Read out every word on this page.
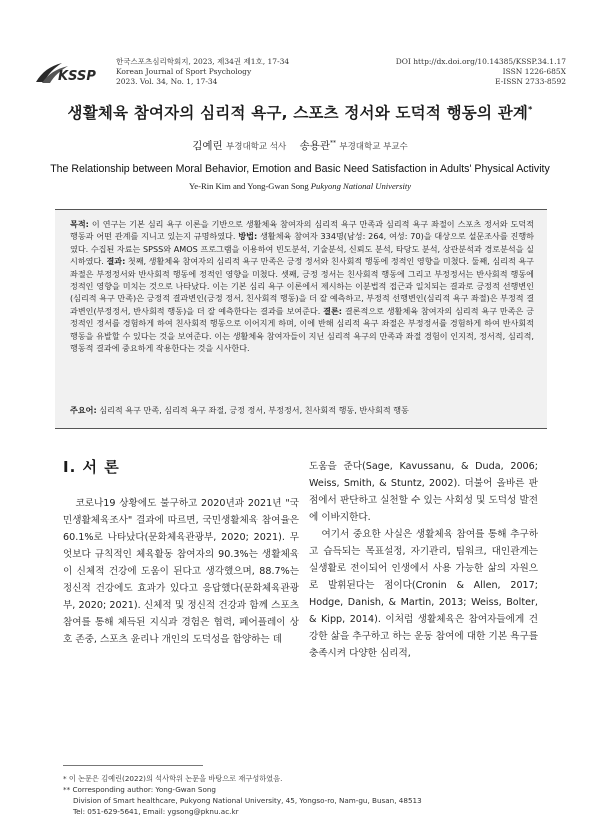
KSSP
한국스포츠심리학회지, 2023, 제34권 제1호, 17-34
Korean Journal of Sport Psychology
2023. Vol. 34, No. 1, 17-34
DOI http://dx.doi.org/10.14385/KSSP.34.1.17
ISSN 1226-685X
E-ISSN 2733-8592
생활체육 참여자의 심리적 욕구, 스포츠 정서와 도덕적 행동의 관계*
김예린 부경대학교 석사 송용관** 부경대학교 부교수
The Relationship between Moral Behavior, Emotion and Basic Need Satisfaction in Adults' Physical Activity
Ye-Rin Kim and Yong-Gwan Song Pukyong National University
목적: 이 연구는 기본 심리 욕구 이론을 기반으로 생활체육 참여자의 심리적 욕구 만족과 심리적 욕구 좌절이 스포츠 정서와 도덕적 행동과 어떤 관계를 지니고 있는지 규명하였다. 방법: 생활체육 참여자 334명(남성: 264, 여성: 70)을 대상으로 설문조사를 진행하였다. 수집된 자료는 SPSS와 AMOS 프로그램을 이용하여 빈도분석, 기술분석, 신뢰도 분석, 타당도 분석, 상관분석과 경로분석을 실시하였다. 결과: 첫째, 생활체육 참여자의 심리적 욕구 만족은 긍정 정서와 친사회적 행동에 정적인 영향을 미쳤다. 둘째, 심리적 욕구 좌절은 부정정서와 반사회적 행동에 정적인 영향을 미쳤다. 셋째, 긍정 정서는 친사회적 행동에 그리고 부정정서는 반사회적 행동에 정적인 영향을 미치는 것으로 나타났다. 이는 기본 심리 욕구 이론에서 제시하는 이분법적 접근과 일치되는 결과로 긍정적 선행변인(심리적 욕구 만족)은 긍정적 결과변인(긍정 정서, 친사회적 행동)을 더 잘 예측하고, 부정적 선행변인(심리적 욕구 좌절)은 부정적 결과변인(부정정서, 반사회적 행동)을 더 잘 예측한다는 결과를 보여준다. 결론: 결론적으로 생활체육 참여자의 심리적 욕구 만족은 긍정적인 정서를 경험하게 하여 친사회적 행동으로 이어지게 하며, 이에 반해 심리적 욕구 좌절은 부정정서를 경험하게 하여 반사회적 행동을 유발할 수 있다는 것을 보여준다. 이는 생활체육 참여자들이 지닌 심리적 욕구의 만족과 좌절 경험이 인지적, 정서적, 심리적, 행동적 결과에 중요하게 작용한다는 것을 시사한다.
주요어: 심리적 욕구 만족, 심리적 욕구 좌절, 긍정 정서, 부정정서, 친사회적 행동, 반사회적 행동
Ⅰ. 서 론

코로나19 상황에도 불구하고 2020년과 2021년 "국민생활체육조사" 결과에 따르면, 국민생활체육 참여율은 60.1%로 나타났다(문화체육관광부, 2020; 2021). 무엇보다 규칙적인 체육활동 참여자의 90.3%는 생활체육이 신체적 건강에 도움이 된다고 생각했으며, 88.7%는 정신적 건강에도 효과가 있다고 응답했다(문화체육관광부, 2020; 2021). 신체적 및 정신적 건강과 함께 스포츠 참여를 통해 체득된 지식과 경험은 협력, 페어플레이 상호 존중, 스포츠 윤리나 개인의 도덕성을 함양하는 데

도움을 준다(Sage, Kavussanu, & Duda, 2006; Weiss, Smith, & Stuntz, 2002). 더불어 올바른 판점에서 판단하고 실천할 수 있는 사회성 및 도덕성 발전에 이바지한다.

여기서 중요한 사실은 생활체육 참여를 통해 추구하고 습득되는 목표설정, 자기관리, 팀워크, 대인관계는 실생활로 전이되어 인생에서 사용 가능한 삶의 자원으로 발휘된다는 점이다(Cronin & Allen, 2017; Hodge, Danish, & Martin, 2013; Weiss, Bolter, & Kipp, 2014). 이처럼 생활체육은 참여자들에게 건강한 삶을 추구하고 하는 운동 참여에 대한 기본 욕구를 충족시켜 다양한 심리적,

* 이 논문은 김예린(2022)의 석사학위 논문을 바탕으로 재구성하였음.
** Corresponding author: Yong-Gwan Song
Division of Smart healthcare, Pukyong National University, 45, Yongso-ro, Nam-gu, Busan, 48513
Tel: 051-629-5641, Email: ygsong@pknu.ac.kr
